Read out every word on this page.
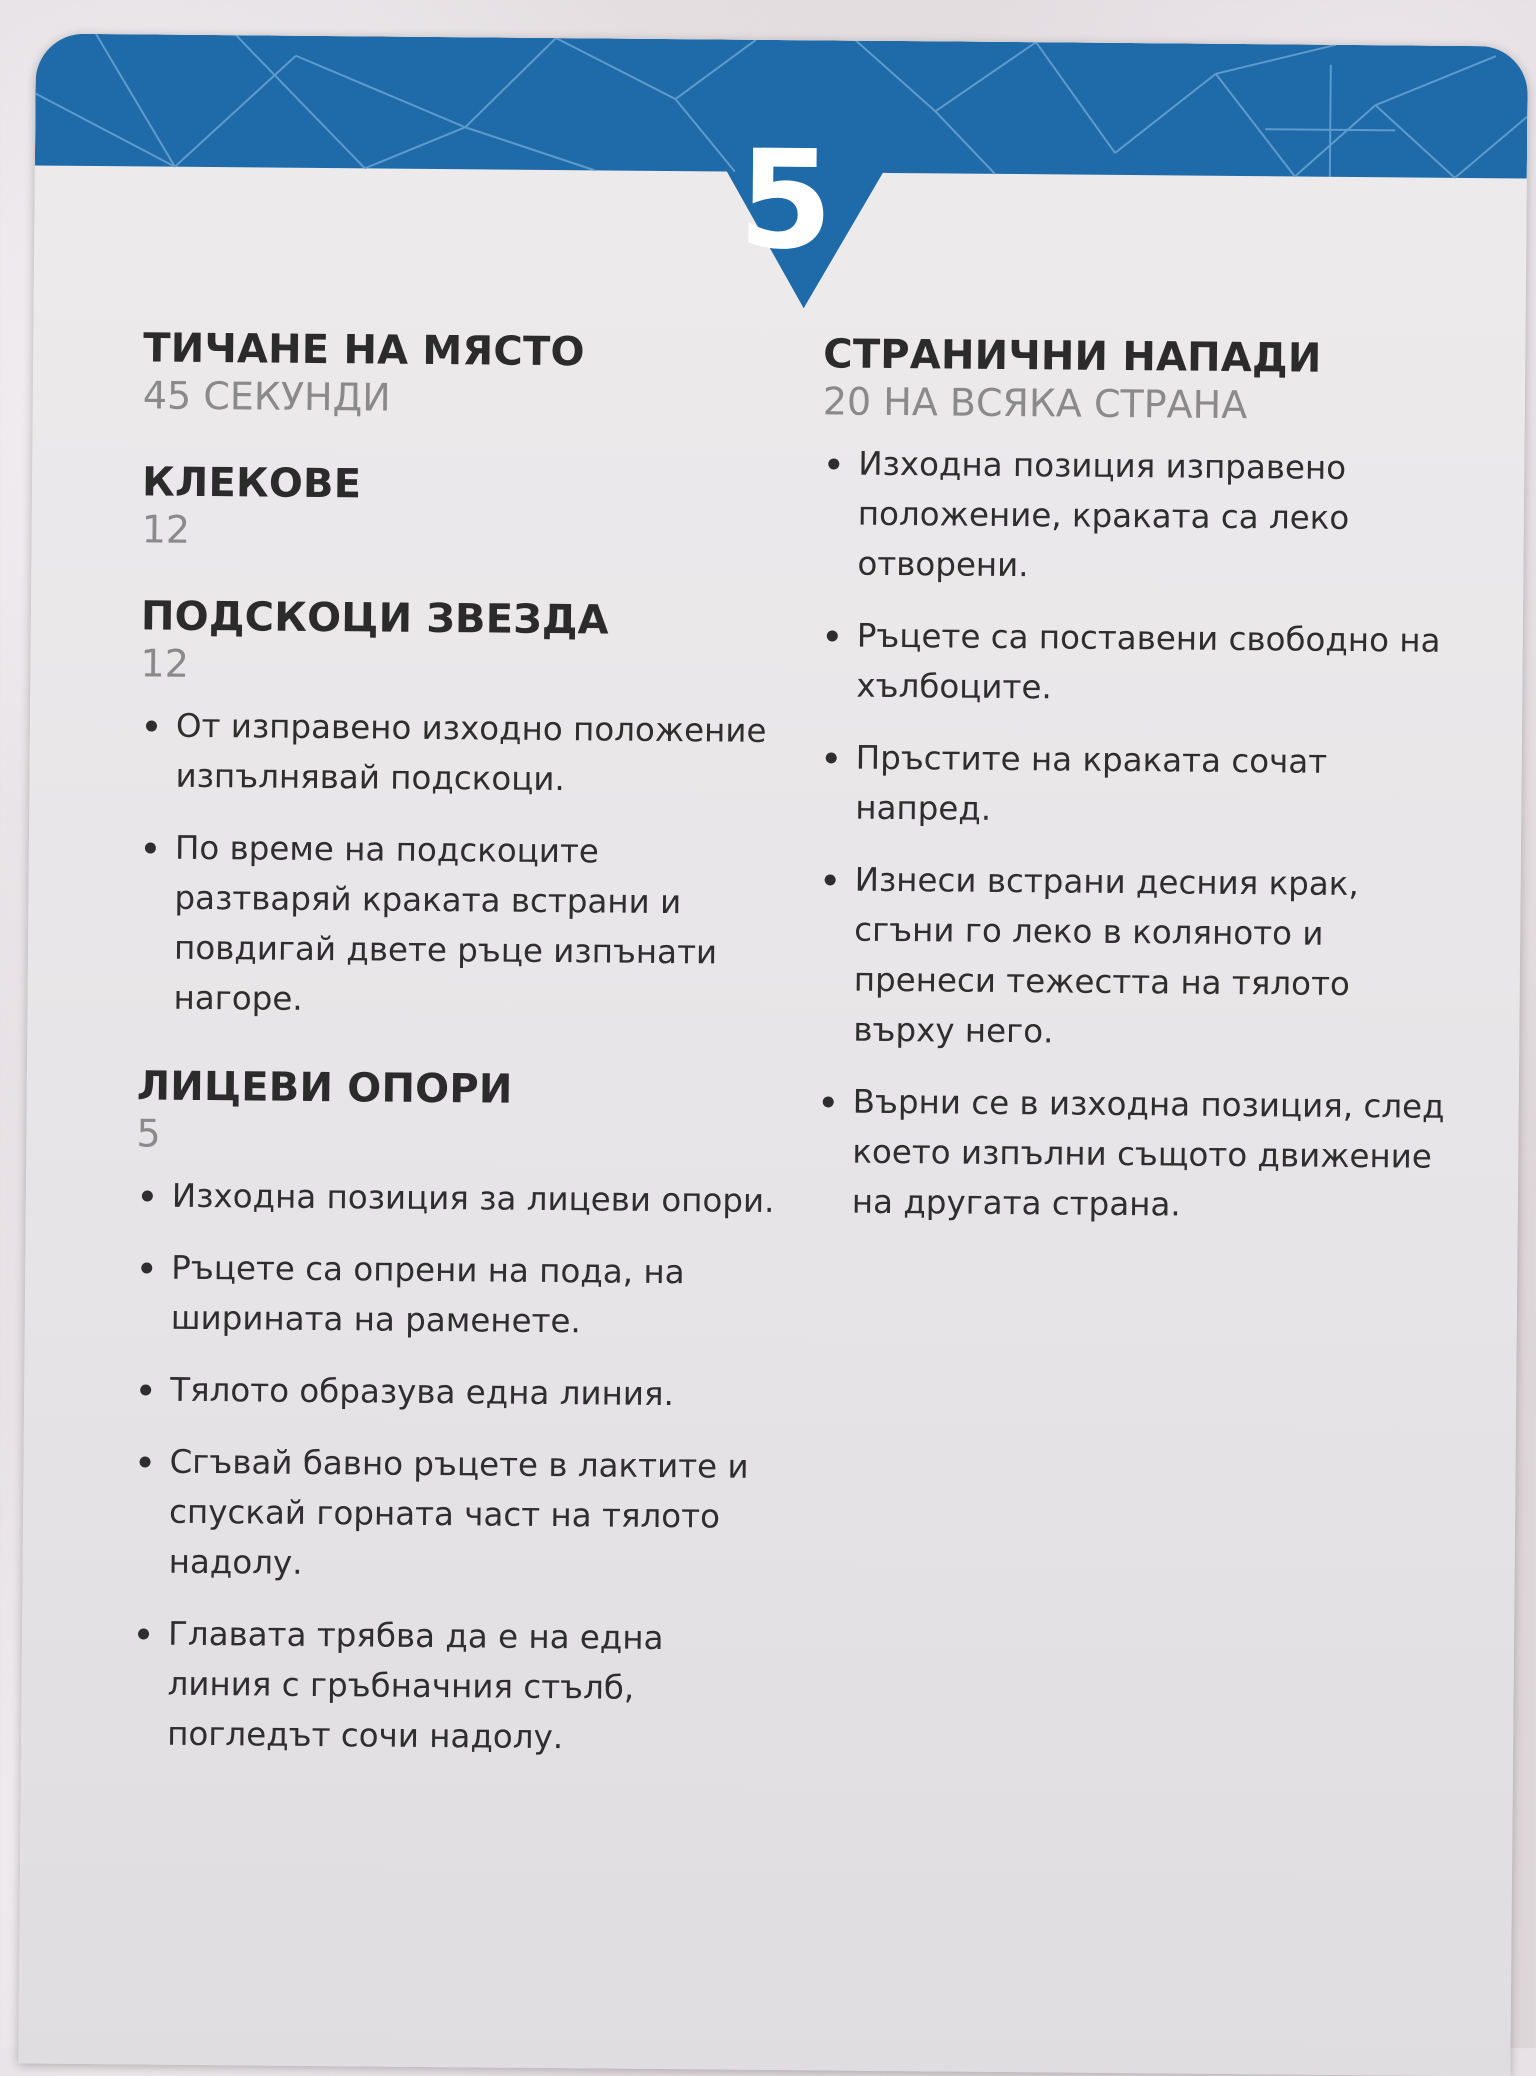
5
ТИЧАНЕ НА МЯСТО
45 СЕКУНДИ
КЛЕКОВЕ
12
ПОДСКОЦИ ЗВЕЗДА
12
От изправено изходно положение изпълнявай подскоци.
По време на подскоците разтваряй краката встрани и повдигай двете ръце изпънати нагоре.
ЛИЦЕВИ ОПОРИ
5
Изходна позиция за лицеви опори.
Ръцете са опрени на пода, на ширината на раменете.
Тялото образува една линия.
Сгъвай бавно ръцете в лактите и спускай горната част на тялото надолу.
Главата трябва да е на една линия с гръбначния стълб, погледът сочи надолу.
СТРАНИЧНИ НАПАДИ
20 НА ВСЯКА СТРАНА
Изходна позиция изправено положение, краката са леко отворени.
Ръцете са поставени свободно на хълбоците.
Пръстите на краката сочат напред.
Изнеси встрани десния крак, сгъни го леко в коляното и пренеси тежестта на тялото върху него.
Върни се в изходна позиция, след което изпълни същото движение на другата страна.
